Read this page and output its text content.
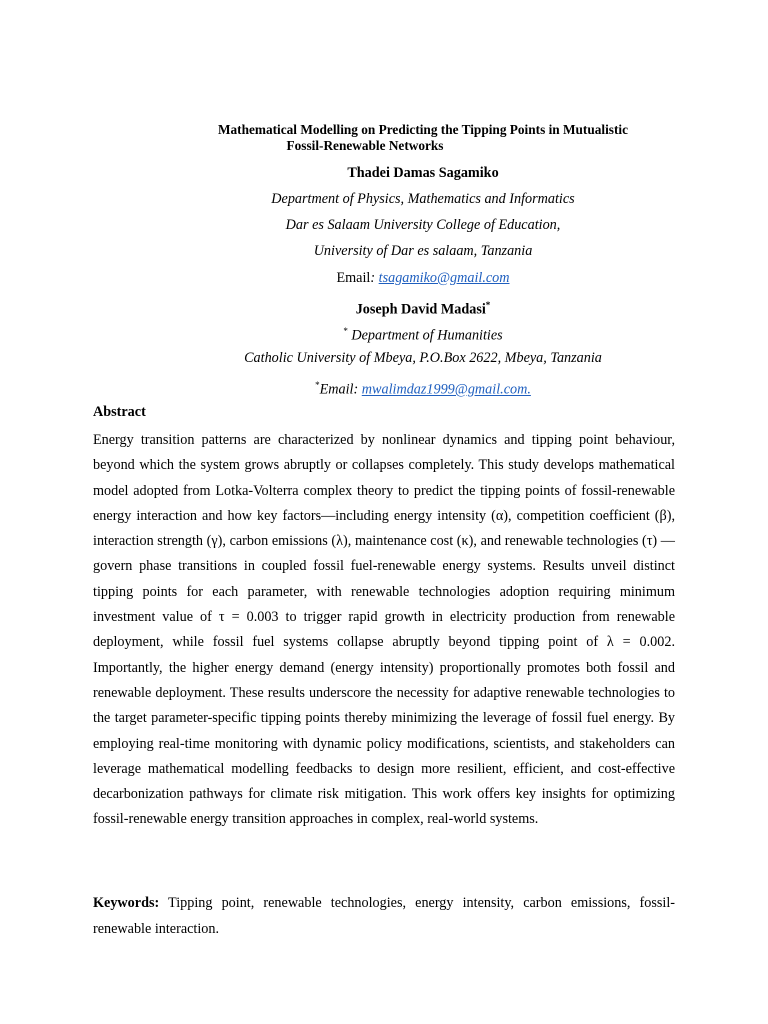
Mathematical Modelling on Predicting the Tipping Points in Mutualistic
Fossil-Renewable Networks
Thadei Damas Sagamiko
Department of Physics, Mathematics and Informatics
Dar es Salaam University College of Education,
University of Dar es salaam, Tanzania
Email: tsagamiko@gmail.com
Joseph David Madasi*
* Department of Humanities
Catholic University of Mbeya, P.O.Box 2622, Mbeya, Tanzania
*Email: mwalimdaz1999@gmail.com.
Abstract

Energy transition patterns are characterized by nonlinear dynamics and tipping point behaviour, beyond which the system grows abruptly or collapses completely. This study develops mathematical model adopted from Lotka-Volterra complex theory to predict the tipping points of fossil-renewable energy interaction and how key factors—including energy intensity (α), competition coefficient (β), interaction strength (γ), carbon emissions (λ), maintenance cost (κ), and renewable technologies (τ) — govern phase transitions in coupled fossil fuel-renewable energy systems. Results unveil distinct tipping points for each parameter, with renewable technologies adoption requiring minimum investment value of τ = 0.003 to trigger rapid growth in electricity production from renewable deployment, while fossil fuel systems collapse abruptly beyond tipping point of λ = 0.002. Importantly, the higher energy demand (energy intensity) proportionally promotes both fossil and renewable deployment. These results underscore the necessity for adaptive renewable technologies to the target parameter-specific tipping points thereby minimizing the leverage of fossil fuel energy. By employing real-time monitoring with dynamic policy modifications, scientists, and stakeholders can leverage mathematical modelling feedbacks to design more resilient, efficient, and cost-effective decarbonization pathways for climate risk mitigation. This work offers key insights for optimizing fossil-renewable energy transition approaches in complex, real-world systems.

Keywords: Tipping point, renewable technologies, energy intensity, carbon emissions, fossil-renewable interaction.
